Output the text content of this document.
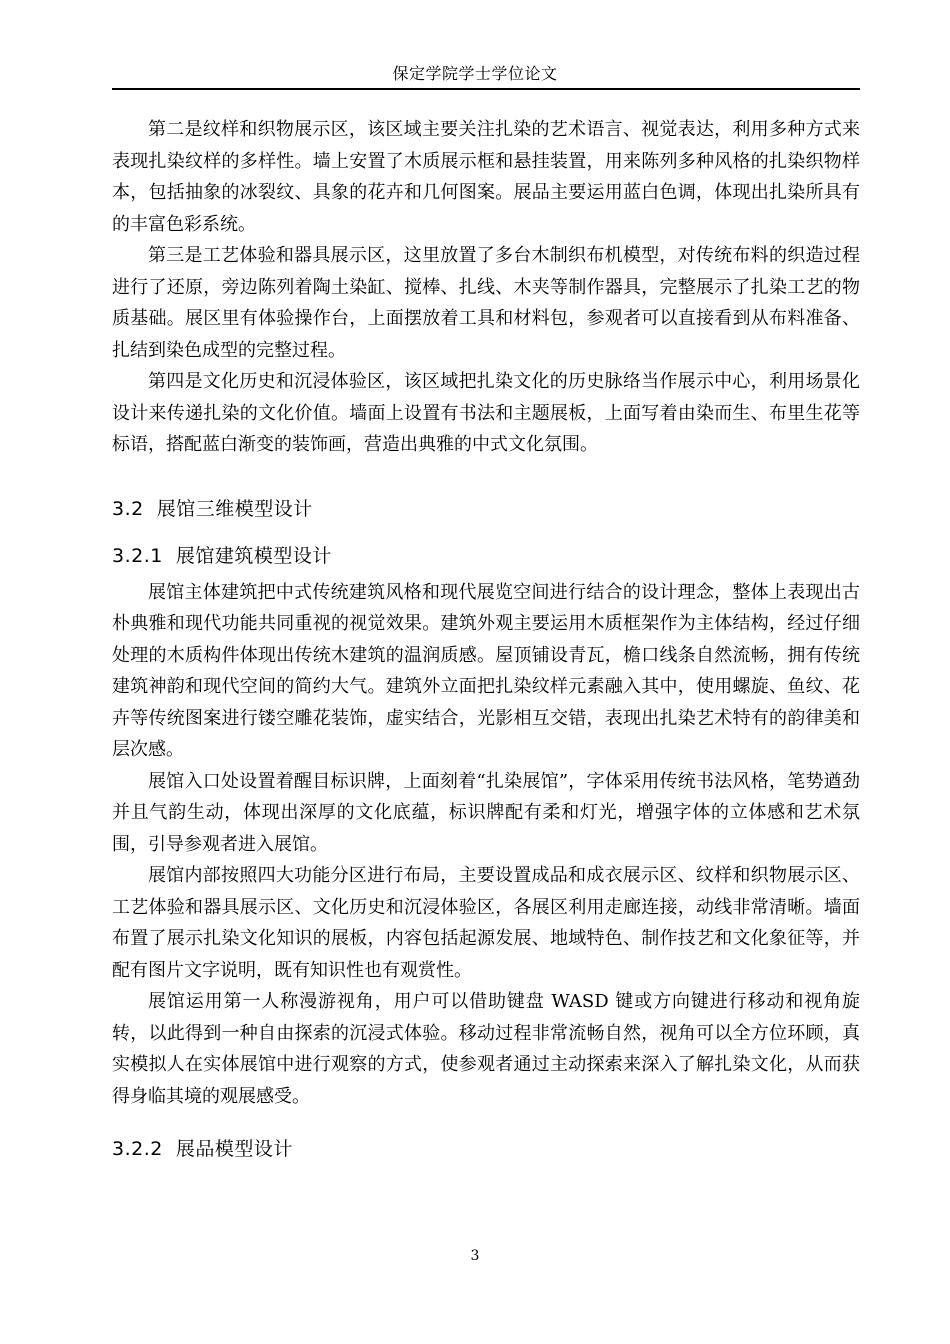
保定学院学士学位论文

第二是纹样和织物展示区，该区域主要关注扎染的艺术语言、视觉表达，利用多种方式来表现扎染纹样的多样性。墙上安置了木质展示框和悬挂装置，用来陈列多种风格的扎染织物样本，包括抽象的冰裂纹、具象的花卉和几何图案。展品主要运用蓝白色调，体现出扎染所具有的丰富色彩系统。

第三是工艺体验和器具展示区，这里放置了多台木制织布机模型，对传统布料的织造过程进行了还原，旁边陈列着陶土染缸、搅棒、扎线、木夹等制作器具，完整展示了扎染工艺的物质基础。展区里有体验操作台，上面摆放着工具和材料包，参观者可以直接看到从布料准备、扎结到染色成型的完整过程。

第四是文化历史和沉浸体验区，该区域把扎染文化的历史脉络当作展示中心，利用场景化设计来传递扎染的文化价值。墙面上设置有书法和主题展板，上面写着由染而生、布里生花等标语，搭配蓝白渐变的装饰画，营造出典雅的中式文化氛围。

3.2  展馆三维模型设计
3.2.1  展馆建筑模型设计

展馆主体建筑把中式传统建筑风格和现代展览空间进行结合的设计理念，整体上表现出古朴典雅和现代功能共同重视的视觉效果。建筑外观主要运用木质框架作为主体结构，经过仔细处理的木质构件体现出传统木建筑的温润质感。屋顶铺设青瓦，檐口线条自然流畅，拥有传统建筑神韵和现代空间的简约大气。建筑外立面把扎染纹样元素融入其中，使用螺旋、鱼纹、花卉等传统图案进行镂空雕花装饰，虚实结合，光影相互交错，表现出扎染艺术特有的韵律美和层次感。

展馆入口处设置着醒目标识牌，上面刻着“扎染展馆”，字体采用传统书法风格，笔势遒劲并且气韵生动，体现出深厚的文化底蕴，标识牌配有柔和灯光，增强字体的立体感和艺术氛围，引导参观者进入展馆。

展馆内部按照四大功能分区进行布局，主要设置成品和成衣展示区、纹样和织物展示区、工艺体验和器具展示区、文化历史和沉浸体验区，各展区利用走廊连接，动线非常清晰。墙面布置了展示扎染文化知识的展板，内容包括起源发展、地域特色、制作技艺和文化象征等，并配有图片文字说明，既有知识性也有观赏性。

展馆运用第一人称漫游视角，用户可以借助键盘 WASD 键或方向键进行移动和视角旋转，以此得到一种自由探索的沉浸式体验。移动过程非常流畅自然，视角可以全方位环顾，真实模拟人在实体展馆中进行观察的方式，使参观者通过主动探索来深入了解扎染文化，从而获得身临其境的观展感受。

3.2.2  展品模型设计
3
